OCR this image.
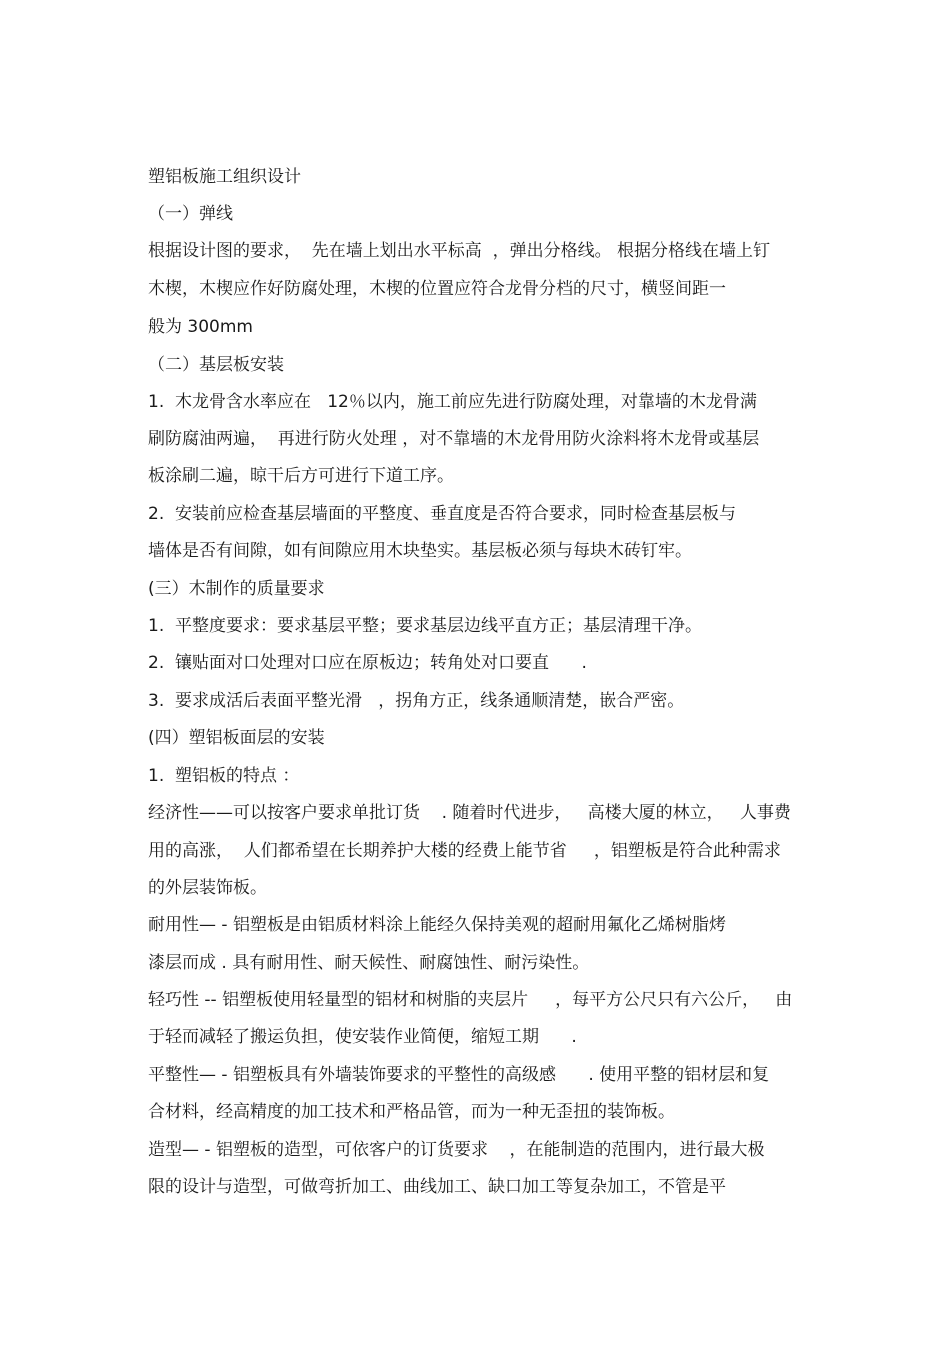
塑铝板施工组织设计

（一）弹线

根据设计图的要求，  先在墙上划出水平标高  ，弹出分格线。 根据分格线在墙上钉

木楔，木楔应作好防腐处理，木楔的位置应符合龙骨分档的尺寸，横竖间距一

般为 300mm

（二）基层板安装

1.  木龙骨含水率应在   12％以内，施工前应先进行防腐处理，对靠墙的木龙骨满

刷防腐油两遍，  再进行防火处理 ，对不靠墙的木龙骨用防火涂料将木龙骨或基层

板涂刷二遍，晾干后方可进行下道工序。

2.  安装前应检查基层墙面的平整度、垂直度是否符合要求，同时检查基层板与

墙体是否有间隙，如有间隙应用木块垫实。基层板必须与每块木砖钉牢。

(三）木制作的质量要求

1.  平整度要求：要求基层平整；要求基层边线平直方正；基层清理干净。

2.  镶贴面对口处理对口应在原板边；转角处对口要直      .

3.  要求成活后表面平整光滑   ，拐角方正，线条通顺清楚，嵌合严密。

(四）塑铝板面层的安装

1.  塑铝板的特点 ：

经济性——可以按客户要求单批订货    . 随着时代进步，   高楼大厦的林立，   人事费

用的高涨，  人们都希望在长期养护大楼的经费上能节省     ，铝塑板是符合此种需求

的外层装饰板。

耐用性— - 铝塑板是由铝质材料涂上能经久保持美观的超耐用氟化乙烯树脂烤

漆层而成 . 具有耐用性、耐天候性、耐腐蚀性、耐污染性。

轻巧性 -- 铝塑板使用轻量型的铝材和树脂的夹层片     ，每平方公尺只有六公斤，   由

于轻而减轻了搬运负担，使安装作业简便，缩短工期      .

平整性— - 铝塑板具有外墙装饰要求的平整性的高级感      . 使用平整的铝材层和复

合材料，经高精度的加工技术和严格品管，而为一种无歪扭的装饰板。

造型— - 铝塑板的造型，可依客户的订货要求    ，在能制造的范围内，进行最大极

限的设计与造型，可做弯折加工、曲线加工、缺口加工等复杂加工，不管是平
